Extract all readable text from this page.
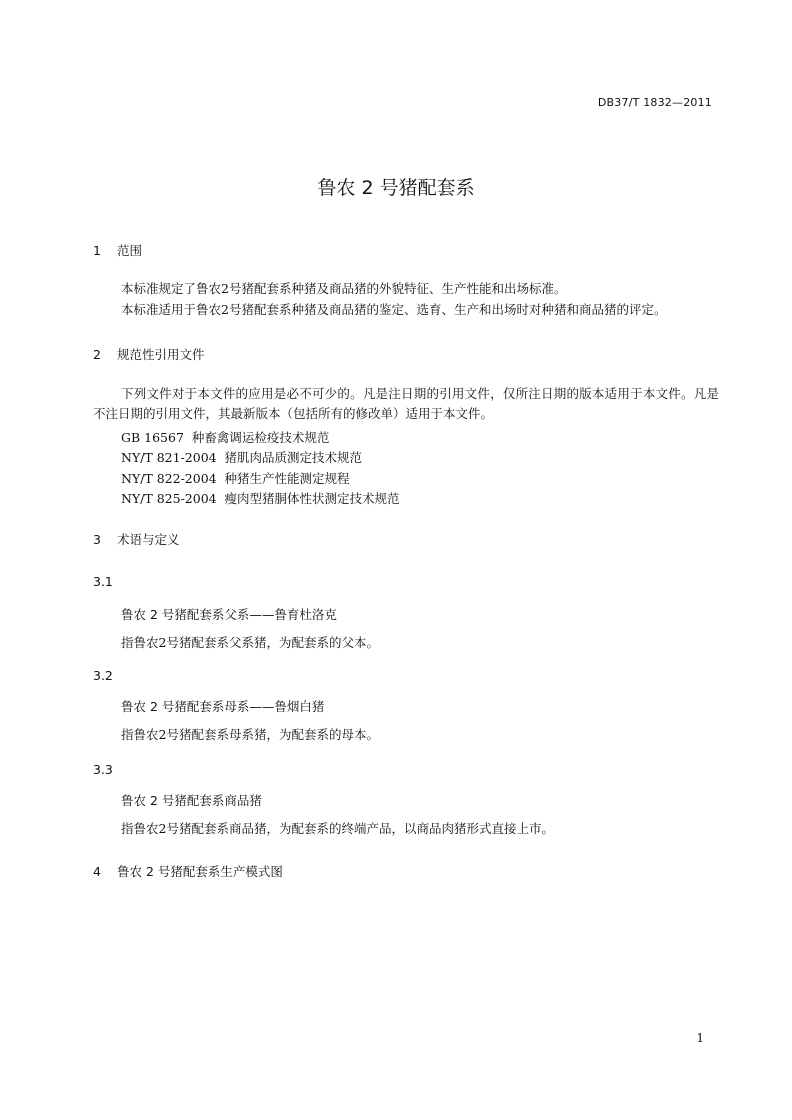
DB37/T 1832—2011
鲁农 2 号猪配套系
1 范围
本标准规定了鲁农2号猪配套系种猪及商品猪的外貌特征、生产性能和出场标准。
本标准适用于鲁农2号猪配套系种猪及商品猪的鉴定、选育、生产和出场时对种猪和商品猪的评定。
2 规范性引用文件
下列文件对于本文件的应用是必不可少的。凡是注日期的引用文件，仅所注日期的版本适用于本文件。凡是不注日期的引用文件，其最新版本（包括所有的修改单）适用于本文件。
GB 16567  种畜禽调运检疫技术规范
NY/T 821-2004  猪肌肉品质测定技术规范
NY/T 822-2004  种猪生产性能测定规程
NY/T 825-2004  瘦肉型猪胴体性状测定技术规范
3 术语与定义
3.1
鲁农 2 号猪配套系父系——鲁育杜洛克
指鲁农2号猪配套系父系猪，为配套系的父本。
3.2
鲁农 2 号猪配套系母系——鲁烟白猪
指鲁农2号猪配套系母系猪，为配套系的母本。
3.3
鲁农 2 号猪配套系商品猪
指鲁农2号猪配套系商品猪，为配套系的终端产品，以商品肉猪形式直接上市。
4 鲁农 2 号猪配套系生产模式图
1
